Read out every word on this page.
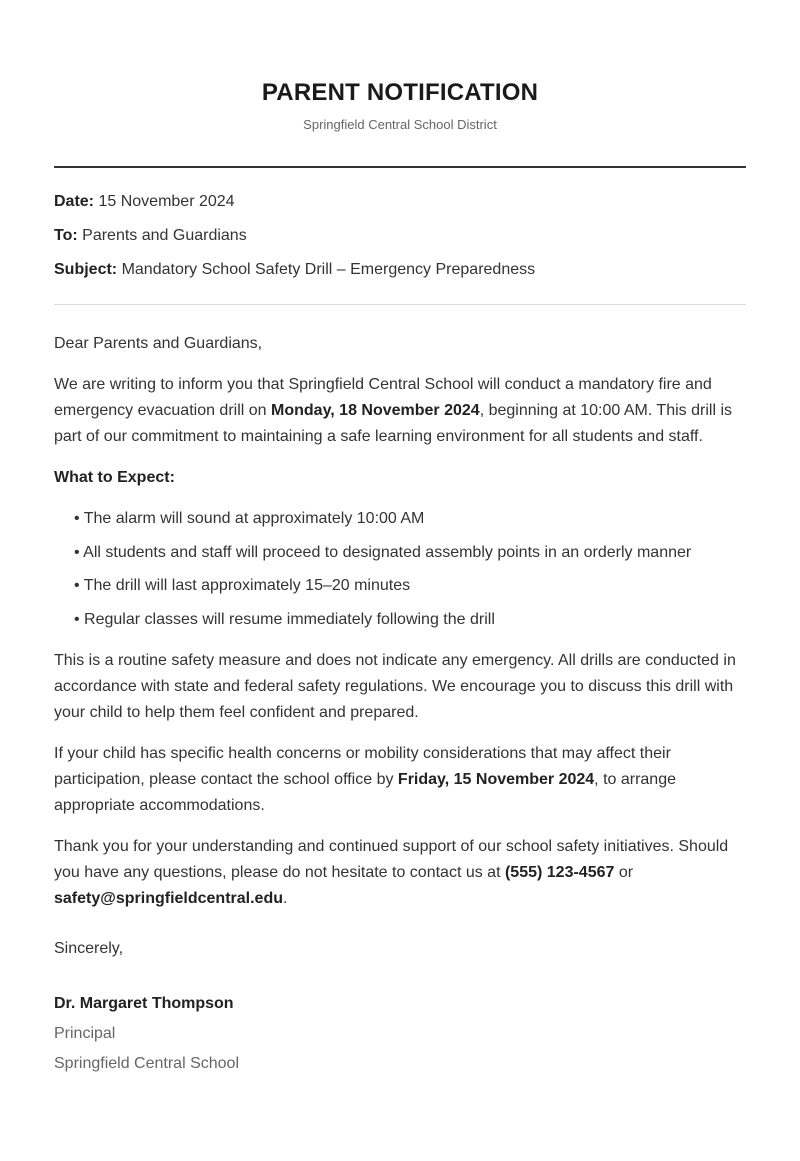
PARENT NOTIFICATION
Springfield Central School District
Date: 15 November 2024
To: Parents and Guardians
Subject: Mandatory School Safety Drill – Emergency Preparedness

Dear Parents and Guardians,

We are writing to inform you that Springfield Central School will conduct a mandatory fire and emergency evacuation drill on Monday, 18 November 2024, beginning at 10:00 AM. This drill is part of our commitment to maintaining a safe learning environment for all students and staff.

What to Expect:

• The alarm will sound at approximately 10:00 AM
• All students and staff will proceed to designated assembly points in an orderly manner
• The drill will last approximately 15–20 minutes
• Regular classes will resume immediately following the drill

This is a routine safety measure and does not indicate any emergency. All drills are conducted in accordance with state and federal safety regulations. We encourage you to discuss this drill with your child to help them feel confident and prepared.

If your child has specific health concerns or mobility considerations that may affect their participation, please contact the school office by Friday, 15 November 2024, to arrange appropriate accommodations.

Thank you for your understanding and continued support of our school safety initiatives. Should you have any questions, please do not hesitate to contact us at (555) 123-4567 or safety@springfieldcentral.edu.

Sincerely,
Dr. Margaret Thompson
Principal
Springfield Central School
